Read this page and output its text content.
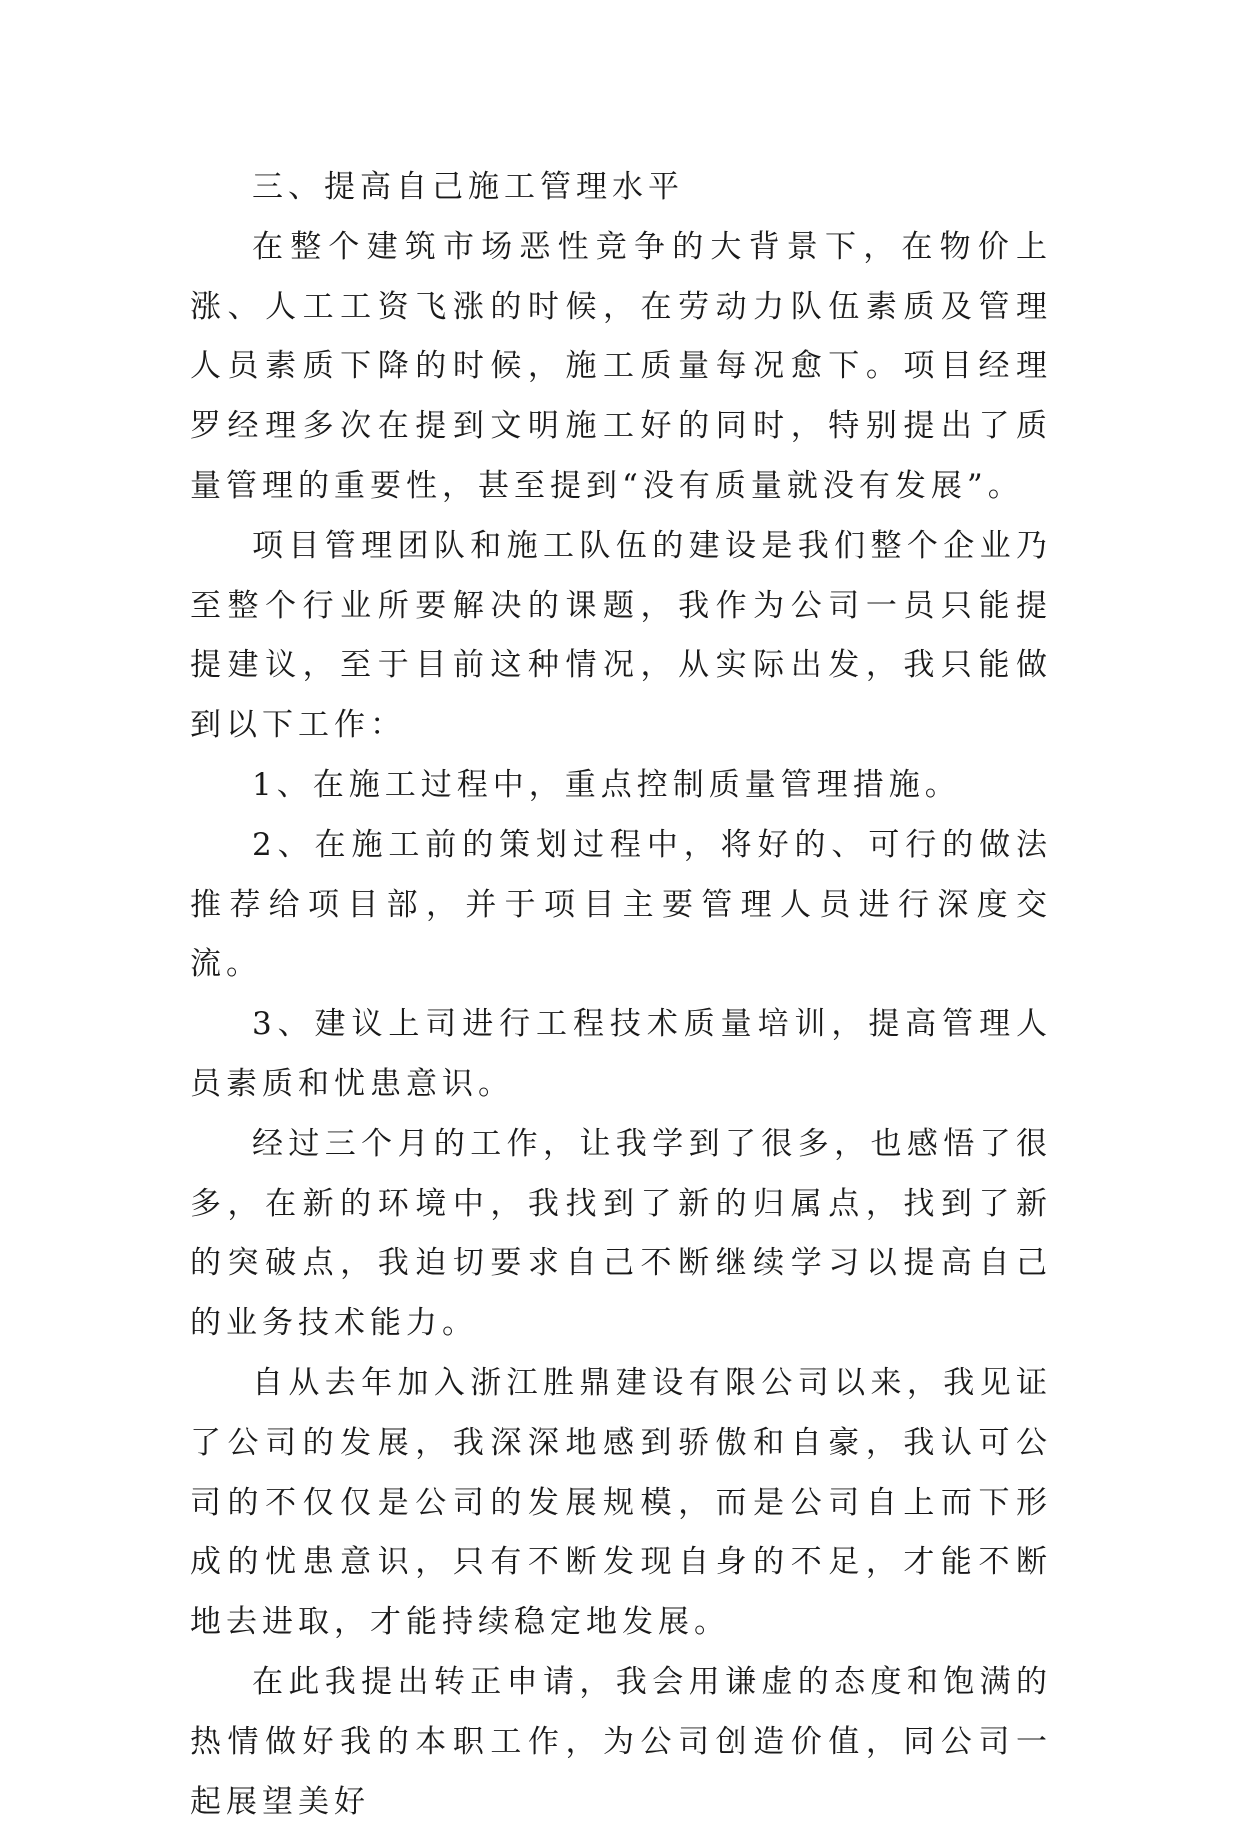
三、提高自己施工管理水平

在整个建筑市场恶性竞争的大背景下，在物价上涨、人工工资飞涨的时候，在劳动力队伍素质及管理人员素质下降的时候，施工质量每况愈下。项目经理罗经理多次在提到文明施工好的同时，特别提出了质量管理的重要性，甚至提到“没有质量就没有发展”。

项目管理团队和施工队伍的建设是我们整个企业乃至整个行业所要解决的课题，我作为公司一员只能提提建议，至于目前这种情况，从实际出发，我只能做到以下工作：

1、在施工过程中，重点控制质量管理措施。

2、在施工前的策划过程中，将好的、可行的做法推荐给项目部，并于项目主要管理人员进行深度交流。

3、建议上司进行工程技术质量培训，提高管理人员素质和忧患意识。

经过三个月的工作，让我学到了很多，也感悟了很多，在新的环境中，我找到了新的归属点，找到了新的突破点，我迫切要求自己不断继续学习以提高自己的业务技术能力。

自从去年加入浙江胜鼎建设有限公司以来，我见证了公司的发展，我深深地感到骄傲和自豪，我认可公司的不仅仅是公司的发展规模，而是公司自上而下形成的忧患意识，只有不断发现自身的不足，才能不断地去进取，才能持续稳定地发展。

在此我提出转正申请，我会用谦虚的态度和饱满的热情做好我的本职工作，为公司创造价值，同公司一起展望美好
